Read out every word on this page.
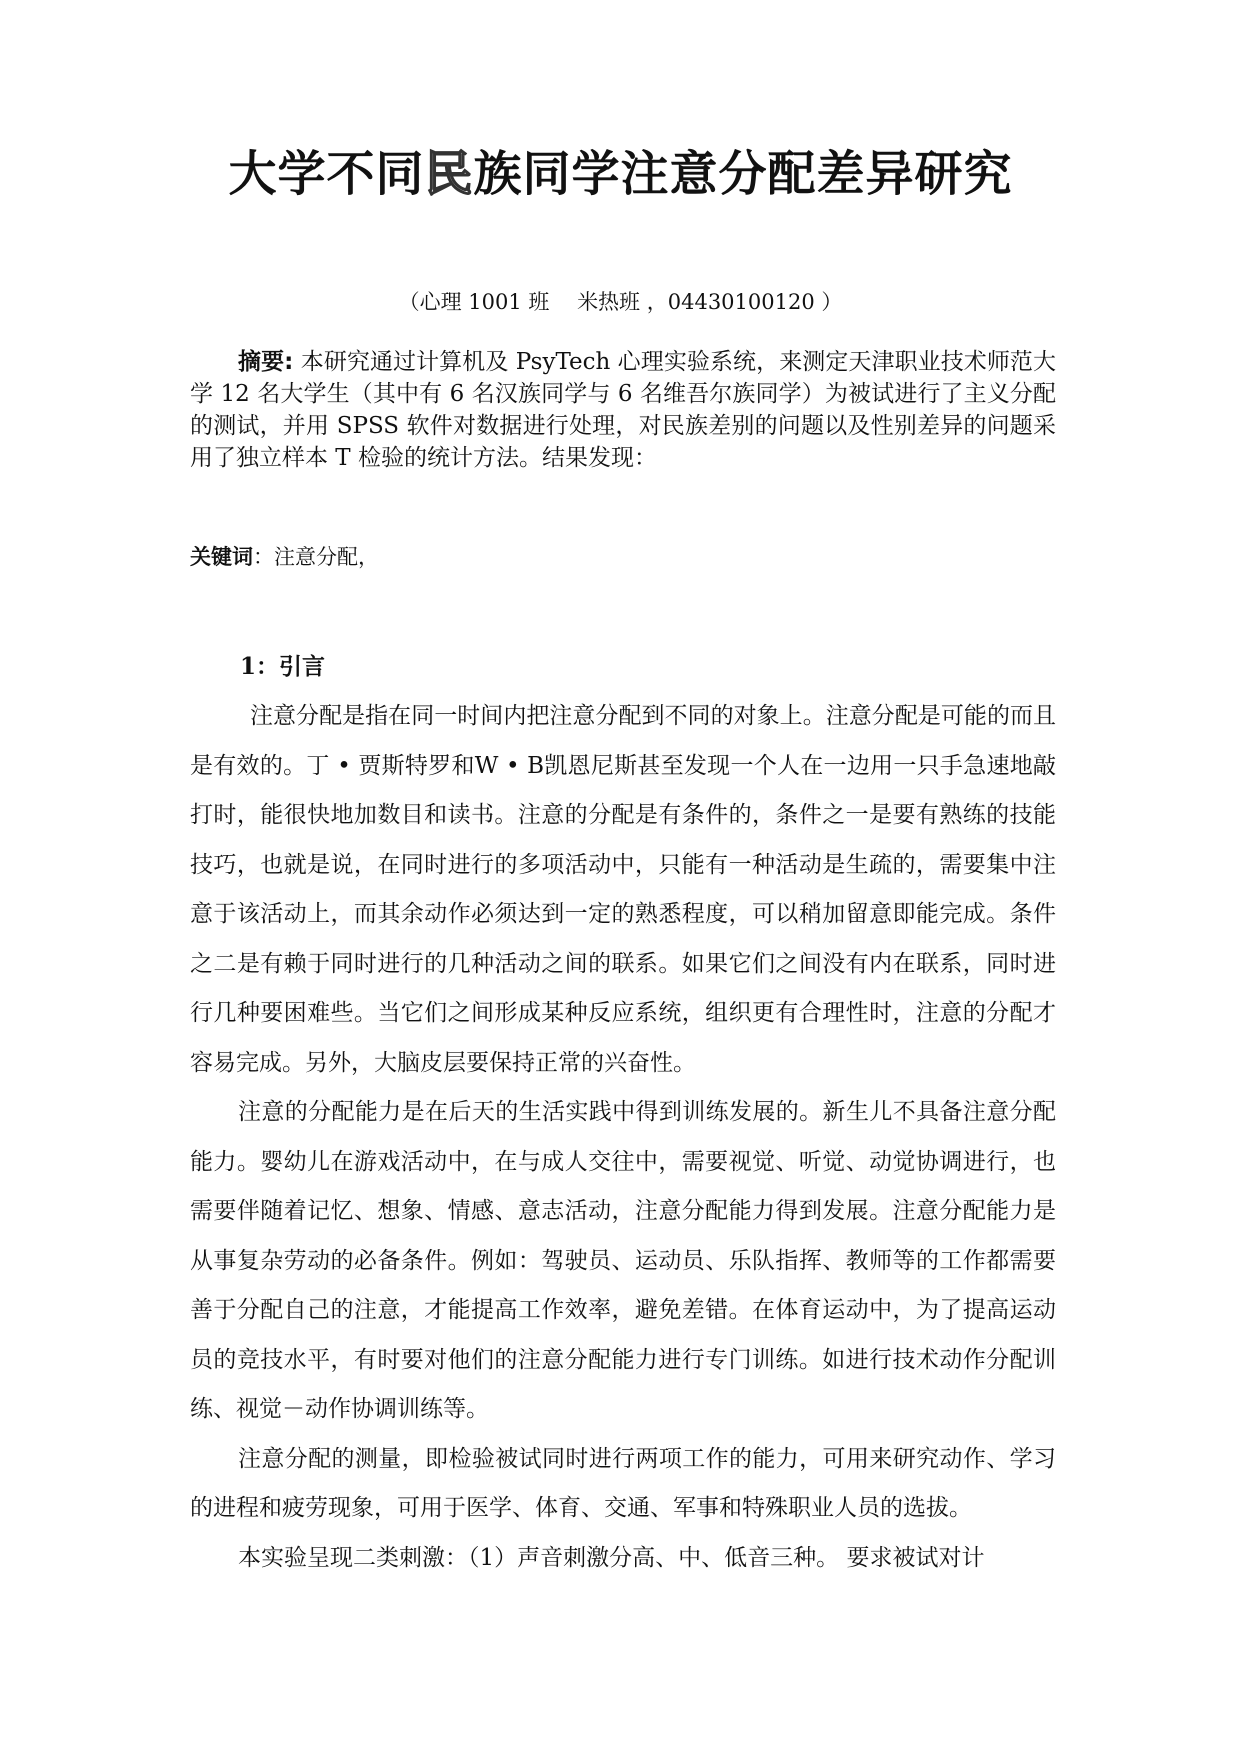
大学不同民族同学注意分配差异研究
（心理 1001 班　 米热班 ，04430100120 ）

摘要: 本研究通过计算机及 PsyTech 心理实验系统，来测定天津职业技术师范大学 12 名大学生（其中有 6 名汉族同学与 6 名维吾尔族同学）为被试进行了主义分配的测试，并用 SPSS 软件对数据进行处理，对民族差别的问题以及性别差异的问题采用了独立样本 T 检验的统计方法。结果发现：

关键词：注意分配，
1：引言

注意分配是指在同一时间内把注意分配到不同的对象上。注意分配是可能的而且是有效的。丁 • 贾斯特罗和W • B凯恩尼斯甚至发现一个人在一边用一只手急速地敲打时，能很快地加数目和读书。注意的分配是有条件的，条件之一是要有熟练的技能技巧，也就是说，在同时进行的多项活动中，只能有一种活动是生疏的，需要集中注意于该活动上，而其余动作必须达到一定的熟悉程度，可以稍加留意即能完成。条件之二是有赖于同时进行的几种活动之间的联系。如果它们之间没有内在联系，同时进行几种要困难些。当它们之间形成某种反应系统，组织更有合理性时，注意的分配才容易完成。另外，大脑皮层要保持正常的兴奋性。

注意的分配能力是在后天的生活实践中得到训练发展的。新生儿不具备注意分配能力。婴幼儿在游戏活动中，在与成人交往中，需要视觉、听觉、动觉协调进行，也需要伴随着记忆、想象、情感、意志活动，注意分配能力得到发展。注意分配能力是从事复杂劳动的必备条件。例如：驾驶员、运动员、乐队指挥、教师等的工作都需要善于分配自己的注意，才能提高工作效率，避免差错。在体育运动中，为了提高运动员的竞技水平，有时要对他们的注意分配能力进行专门训练。如进行技术动作分配训练、视觉－动作协调训练等。

注意分配的测量，即检验被试同时进行两项工作的能力，可用来研究动作、学习的进程和疲劳现象，可用于医学、体育、交通、军事和特殊职业人员的选拔。

本实验呈现二类刺激：（1）声音刺激分高、中、低音三种。 要求被试对计
